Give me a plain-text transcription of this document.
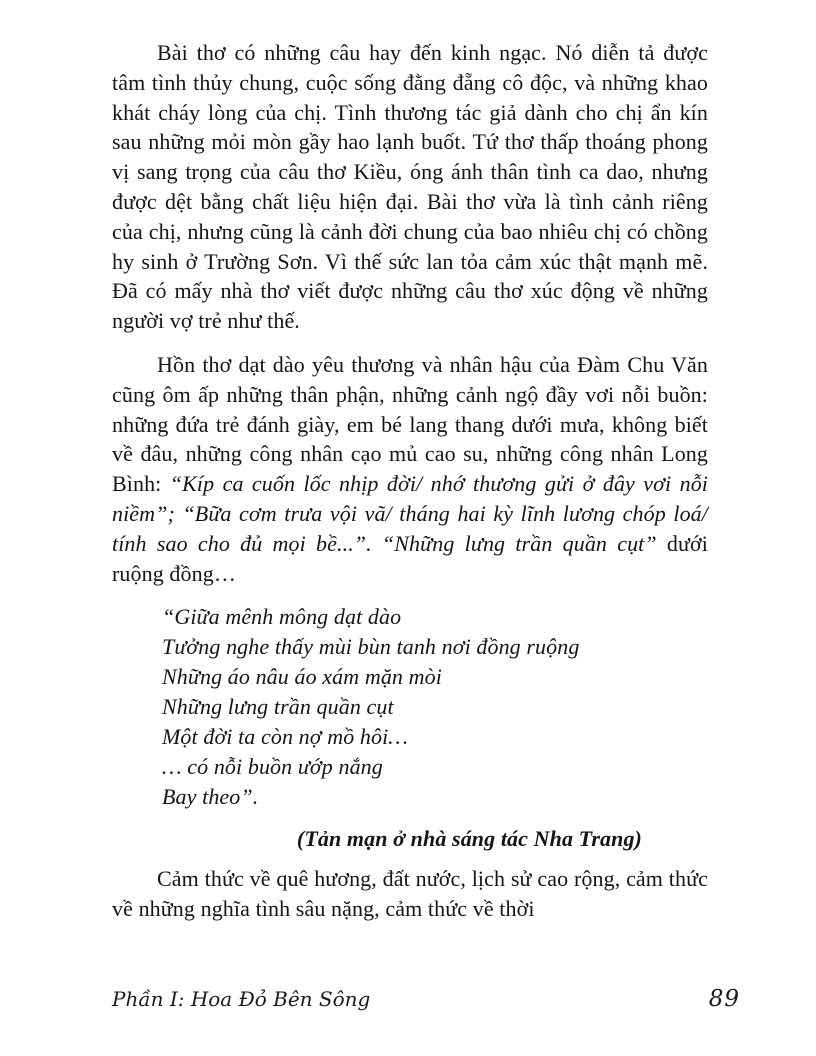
Bài thơ có những câu hay đến kinh ngạc. Nó diễn tả được tâm tình thủy chung, cuộc sống đằng đẵng cô độc, và những khao khát cháy lòng của chị. Tình thương tác giả dành cho chị ẩn kín sau những mỏi mòn gầy hao lạnh buốt. Tứ thơ thấp thoáng phong vị sang trọng của câu thơ Kiều, óng ánh thân tình ca dao, nhưng được dệt bằng chất liệu hiện đại. Bài thơ vừa là tình cảnh riêng của chị, nhưng cũng là cảnh đời chung của bao nhiêu chị có chồng hy sinh ở Trường Sơn. Vì thế sức lan tỏa cảm xúc thật mạnh mẽ. Đã có mấy nhà thơ viết được những câu thơ xúc động về những người vợ trẻ như thế.

Hồn thơ dạt dào yêu thương và nhân hậu của Đàm Chu Văn cũng ôm ấp những thân phận, những cảnh ngộ đầy vơi nỗi buồn: những đứa trẻ đánh giày, em bé lang thang dưới mưa, không biết về đâu, những công nhân cạo mủ cao su, những công nhân Long Bình: “Kíp ca cuốn lốc nhịp đời/ nhớ thương gửi ở đây vơi nỗi niềm”; “Bữa cơm trưa vội vã/ tháng hai kỳ lĩnh lương chóp loá/ tính sao cho đủ mọi bề...”. “Những lưng trần quần cụt” dưới ruộng đồng…

“Giữa mênh mông dạt dào
Tưởng nghe thấy mùi bùn tanh nơi đồng ruộng
Những áo nâu áo xám mặn mòi
Những lưng trần quần cụt
Một đời ta còn nợ mồ hôi…
… có nỗi buồn ướp nắng
Bay theo”.
(Tản mạn ở nhà sáng tác Nha Trang)

Cảm thức về quê hương, đất nước, lịch sử cao rộng, cảm thức về những nghĩa tình sâu nặng, cảm thức về thời

Phần I: Hoa Đỏ Bên Sông	89
